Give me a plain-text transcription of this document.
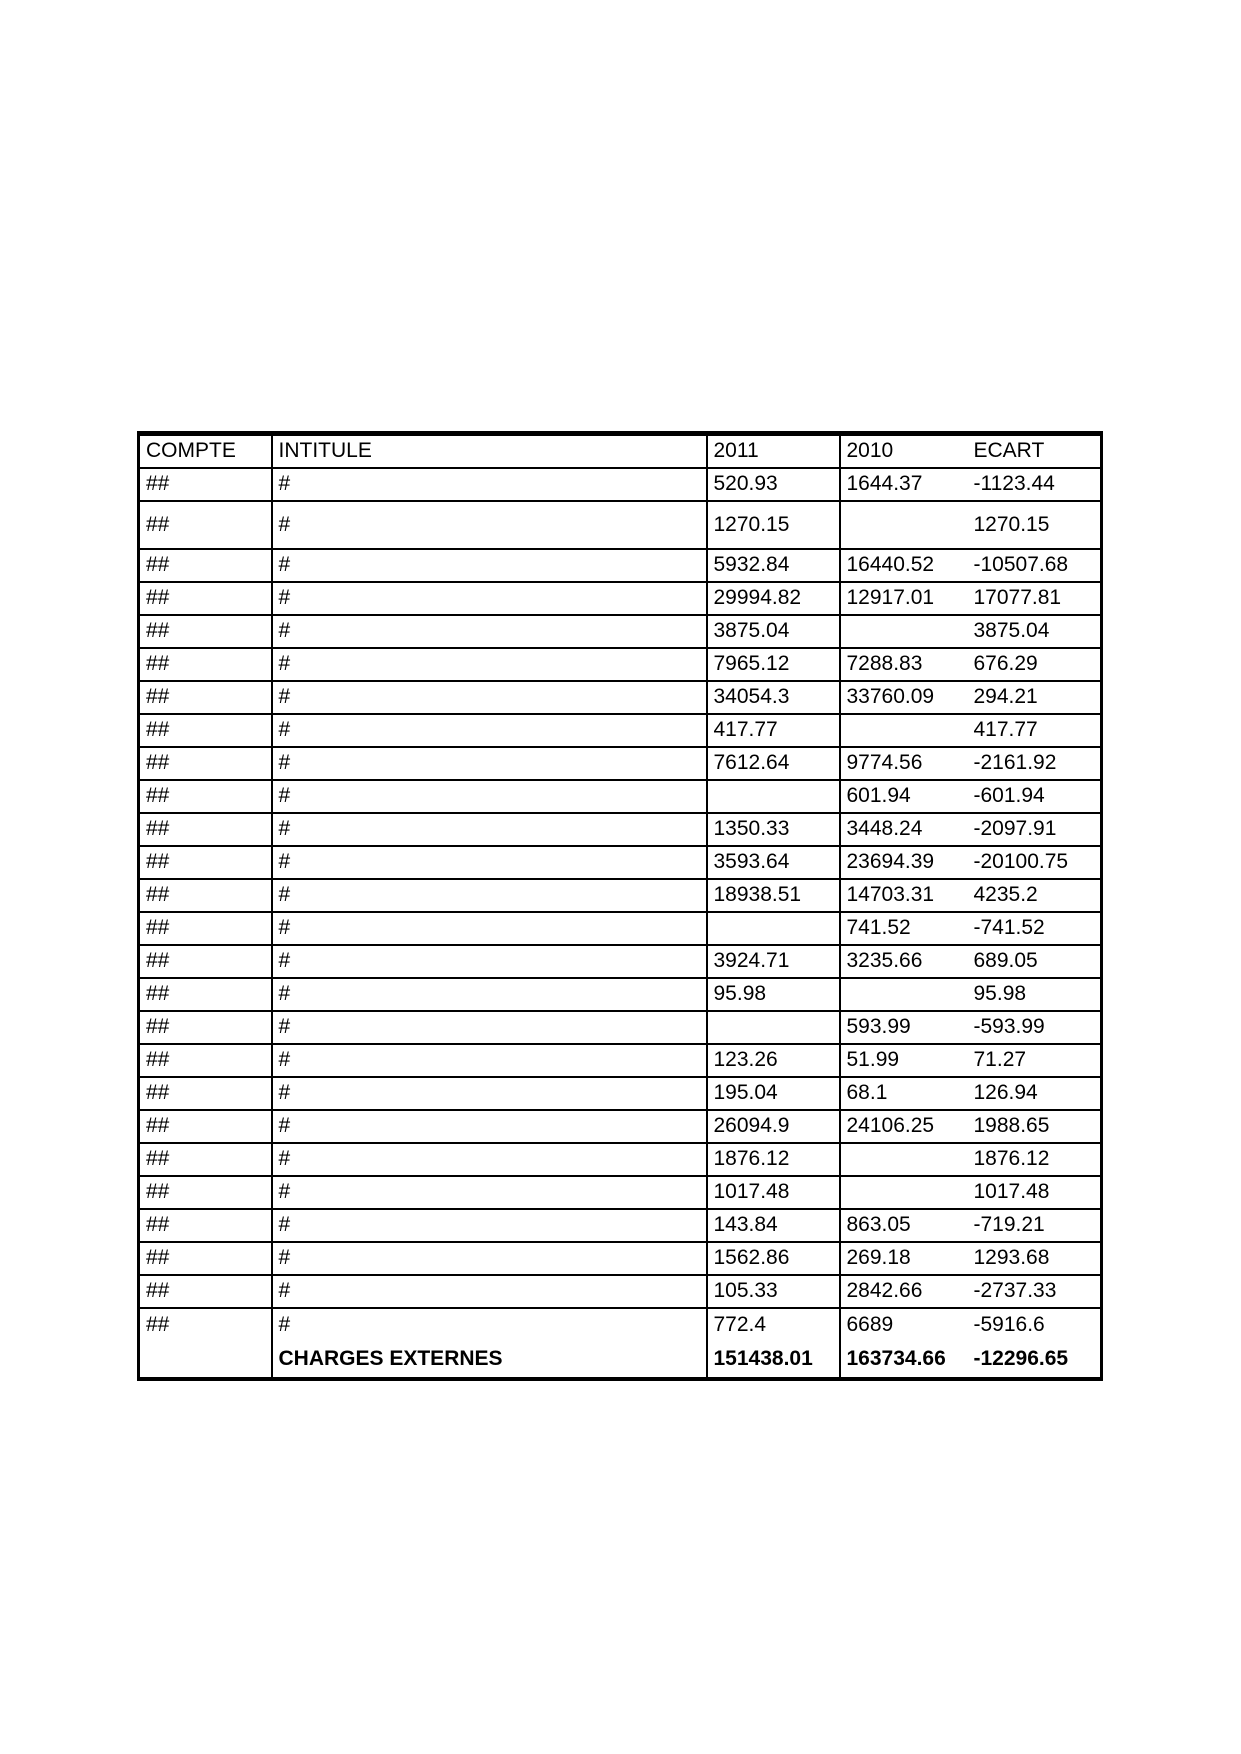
COMPTE	INTITULE	2011	2010	ECART
##	#	520.93	1644.37	-1123.44
##	#	1270.15		1270.15
##	#	5932.84	16440.52	-10507.68
##	#	29994.82	12917.01	17077.81
##	#	3875.04		3875.04
##	#	7965.12	7288.83	676.29
##	#	34054.3	33760.09	294.21
##	#	417.77		417.77
##	#	7612.64	9774.56	-2161.92
##	#		601.94	-601.94
##	#	1350.33	3448.24	-2097.91
##	#	3593.64	23694.39	-20100.75
##	#	18938.51	14703.31	4235.2
##	#		741.52	-741.52
##	#	3924.71	3235.66	689.05
##	#	95.98		95.98
##	#		593.99	-593.99
##	#	123.26	51.99	71.27
##	#	195.04	68.1	126.94
##	#	26094.9	24106.25	1988.65
##	#	1876.12		1876.12
##	#	1017.48		1017.48
##	#	143.84	863.05	-719.21
##	#	1562.86	269.18	1293.68
##	#	105.33	2842.66	-2737.33
##	#	772.4	6689	-5916.6
	CHARGES EXTERNES	151438.01	163734.66	-12296.65
